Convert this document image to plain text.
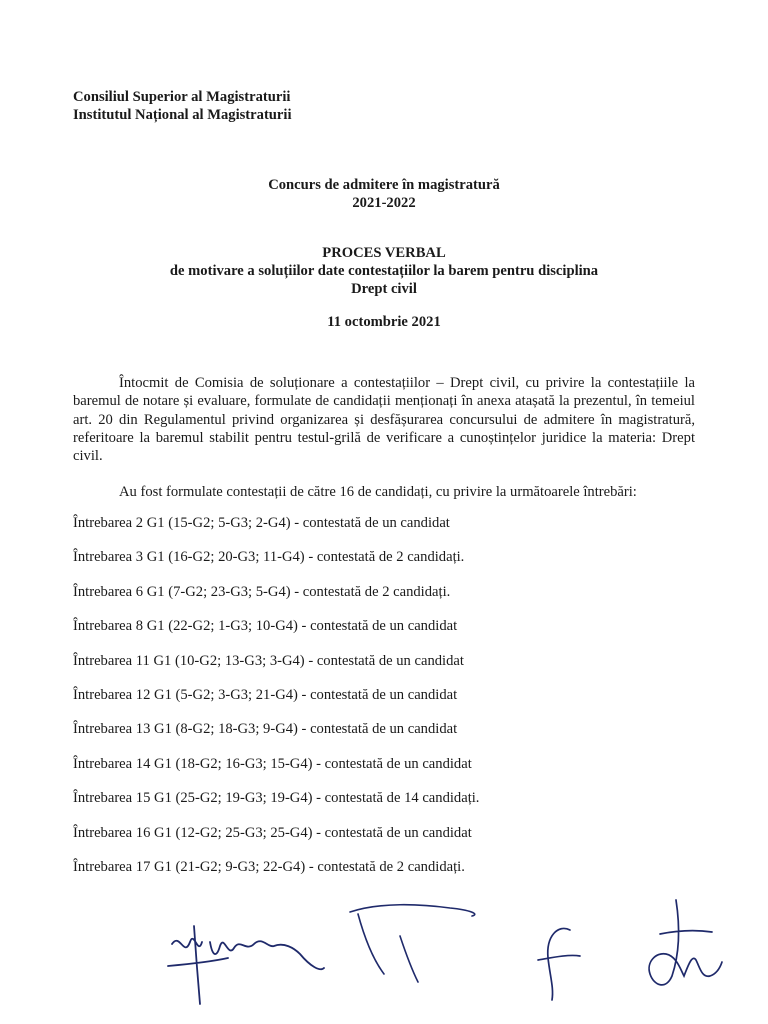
Consiliul Superior al Magistraturii
Institutul Național al Magistraturii
Concurs de admitere în magistratură
2021-2022
PROCES VERBAL
de motivare a soluțiilor date contestațiilor la barem pentru disciplina
Drept civil
11 octombrie 2021
Întocmit de Comisia de soluționare a contestațiilor – Drept civil, cu privire la contestațiile la baremul de notare și evaluare, formulate de candidații menționați în anexa atașată la prezentul, în temeiul art. 20 din Regulamentul privind organizarea și desfășurarea concursului de admitere în magistratură, referitoare la baremul stabilit pentru testul-grilă de verificare a cunoștințelor juridice la materia: Drept civil.
Au fost formulate contestații de către 16 de candidați, cu privire la următoarele întrebări:
Întrebarea 2 G1 (15-G2; 5-G3; 2-G4) - contestată de un candidat
Întrebarea 3 G1 (16-G2; 20-G3; 11-G4) - contestată de 2 candidați.
Întrebarea 6 G1 (7-G2; 23-G3; 5-G4) - contestată de 2 candidați.
Întrebarea 8 G1 (22-G2; 1-G3; 10-G4) - contestată de un candidat
Întrebarea 11 G1 (10-G2; 13-G3; 3-G4) - contestată de un candidat
Întrebarea 12 G1 (5-G2; 3-G3; 21-G4) - contestată de un candidat
Întrebarea 13 G1 (8-G2; 18-G3; 9-G4) - contestată de un candidat
Întrebarea 14 G1 (18-G2; 16-G3; 15-G4) - contestată de un candidat
Întrebarea 15 G1 (25-G2; 19-G3; 19-G4) - contestată de 14 candidați.
Întrebarea 16 G1 (12-G2; 25-G3; 25-G4) - contestată de un candidat
Întrebarea 17 G1 (21-G2; 9-G3; 22-G4) - contestată de 2 candidați.
